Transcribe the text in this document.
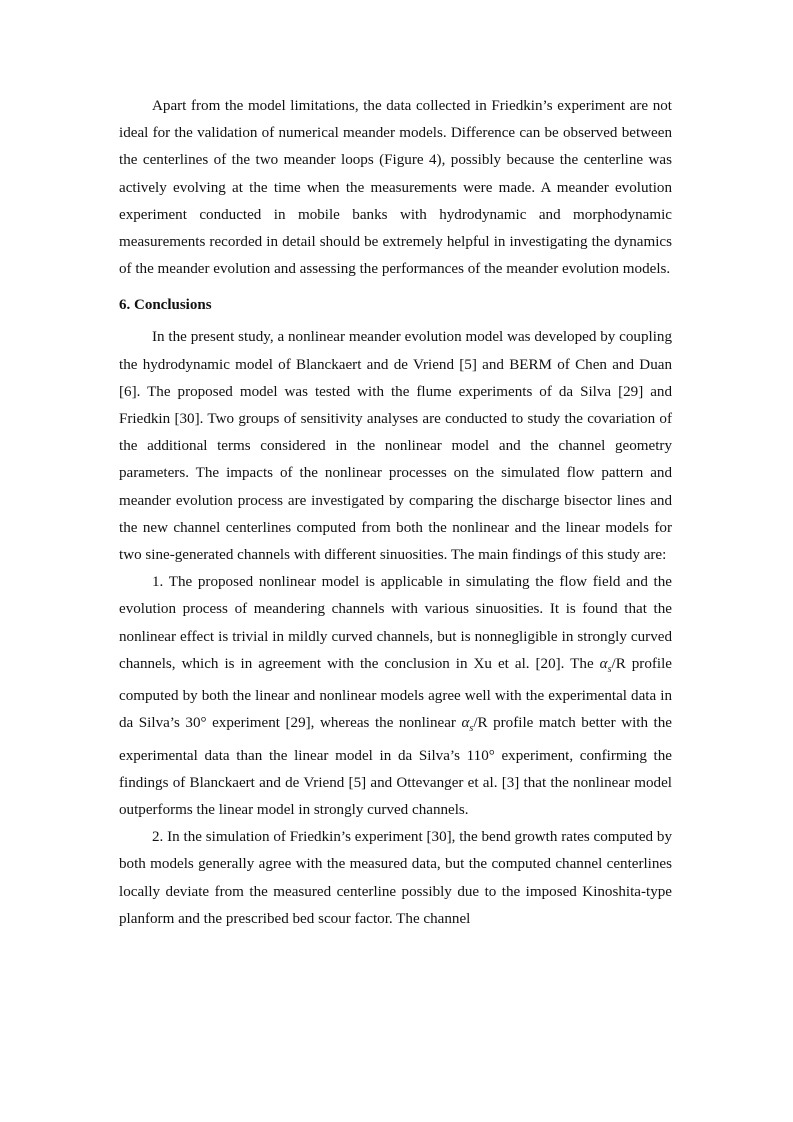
Apart from the model limitations, the data collected in Friedkin’s experiment are not ideal for the validation of numerical meander models. Difference can be observed between the centerlines of the two meander loops (Figure 4), possibly because the centerline was actively evolving at the time when the measurements were made. A meander evolution experiment conducted in mobile banks with hydrodynamic and morphodynamic measurements recorded in detail should be extremely helpful in investigating the dynamics of the meander evolution and assessing the performances of the meander evolution models.

6. Conclusions

In the present study, a nonlinear meander evolution model was developed by coupling the hydrodynamic model of Blanckaert and de Vriend [5] and BERM of Chen and Duan [6]. The proposed model was tested with the flume experiments of da Silva [29] and Friedkin [30]. Two groups of sensitivity analyses are conducted to study the covariation of the additional terms considered in the nonlinear model and the channel geometry parameters. The impacts of the nonlinear processes on the simulated flow pattern and meander evolution process are investigated by comparing the discharge bisector lines and the new channel centerlines computed from both the nonlinear and the linear models for two sine-generated channels with different sinuosities. The main findings of this study are:

1. The proposed nonlinear model is applicable in simulating the flow field and the evolution process of meandering channels with various sinuosities. It is found that the nonlinear effect is trivial in mildly curved channels, but is nonnegligible in strongly curved channels, which is in agreement with the conclusion in Xu et al. [20]. The $\alpha_s/R$ profile computed by both the linear and nonlinear models agree well with the experimental data in da Silva’s 30° experiment [29], whereas the nonlinear $\alpha_s/R$ profile match better with the experimental data than the linear model in da Silva’s 110° experiment, confirming the findings of Blanckaert and de Vriend [5] and Ottevanger et al. [3] that the nonlinear model outperforms the linear model in strongly curved channels.

2. In the simulation of Friedkin’s experiment [30], the bend growth rates computed by both models generally agree with the measured data, but the computed channel centerlines locally deviate from the measured centerline possibly due to the imposed Kinoshita-type planform and the prescribed bed scour factor. The channel
